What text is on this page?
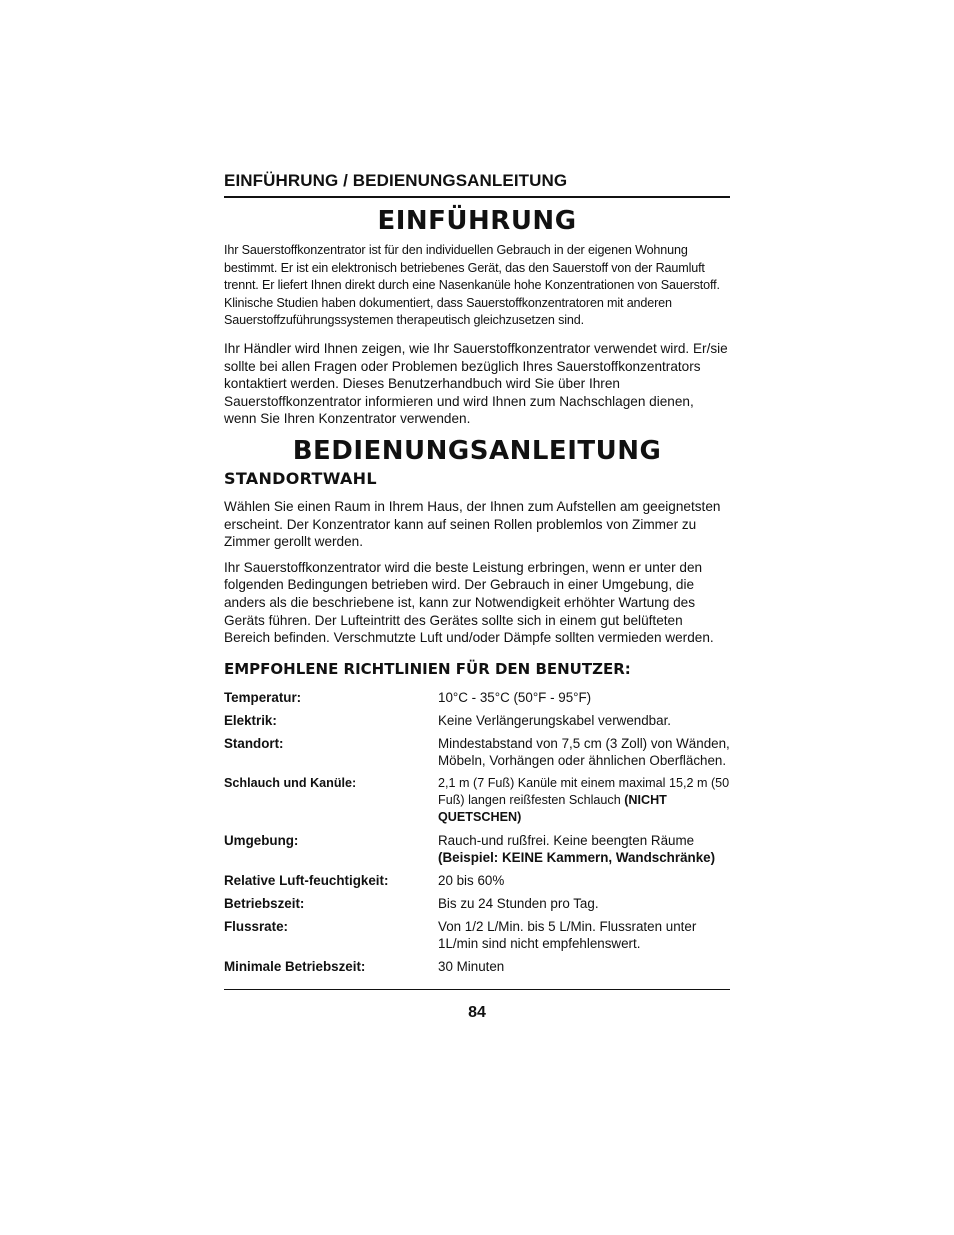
EINFÜHRUNG / BEDIENUNGSANLEITUNG
EINFÜHRUNG

Ihr Sauerstoffkonzentrator ist für den individuellen Gebrauch in der eigenen Wohnung bestimmt. Er ist ein elektronisch betriebenes Gerät, das den Sauerstoff von der Raumluft trennt. Er liefert Ihnen direkt durch eine Nasenkanüle hohe Konzentrationen von Sauerstoff. Klinische Studien haben dokumentiert, dass Sauerstoffkonzentratoren mit anderen Sauerstoffzuführungssystemen therapeutisch gleichzusetzen sind.

Ihr Händler wird Ihnen zeigen, wie Ihr Sauerstoffkonzentrator verwendet wird. Er/sie sollte bei allen Fragen oder Problemen bezüglich Ihres Sauerstoffkonzentrators kontaktiert werden. Dieses Benutzerhandbuch wird Sie über Ihren Sauerstoffkonzentrator informieren und wird Ihnen zum Nachschlagen dienen, wenn Sie Ihren Konzentrator verwenden.

BEDIENUNGSANLEITUNG
STANDORTWAHL

Wählen Sie einen Raum in Ihrem Haus, der Ihnen zum Aufstellen am geeignetsten erscheint. Der Konzentrator kann auf seinen Rollen problemlos von Zimmer zu Zimmer gerollt werden.

Ihr Sauerstoffkonzentrator wird die beste Leistung erbringen, wenn er unter den folgenden Bedingungen betrieben wird. Der Gebrauch in einer Umgebung, die anders als die beschriebene ist, kann zur Notwendigkeit erhöhter Wartung des Geräts führen. Der Lufteintritt des Gerätes sollte sich in einem gut belüfteten Bereich befinden. Verschmutzte Luft und/oder Dämpfe sollten vermieden werden.

EMPFOHLENE RICHTLINIEN FÜR DEN BENUTZER:
Temperatur:	10°C - 35°C (50°F - 95°F)
Elektrik:	Keine Verlängerungskabel verwendbar.
Standort:	Mindestabstand von 7,5 cm (3 Zoll) von Wänden, Möbeln, Vorhängen oder ähnlichen Oberflächen.
Schlauch und Kanüle:	2,1 m (7 Fuß) Kanüle mit einem maximal 15,2 m (50 Fuß) langen reißfesten Schlauch (NICHT QUETSCHEN)
Umgebung:	Rauch-und rußfrei. Keine beengten Räume (Beispiel: KEINE Kammern, Wandschränke)
Relative Luft-feuchtigkeit:	20 bis 60%
Betriebszeit:	Bis zu 24 Stunden pro Tag.
Flussrate:	Von 1/2 L/Min. bis 5 L/Min. Flussraten unter 1L/min sind nicht empfehlenswert.
Minimale Betriebszeit:	30 Minuten
84
